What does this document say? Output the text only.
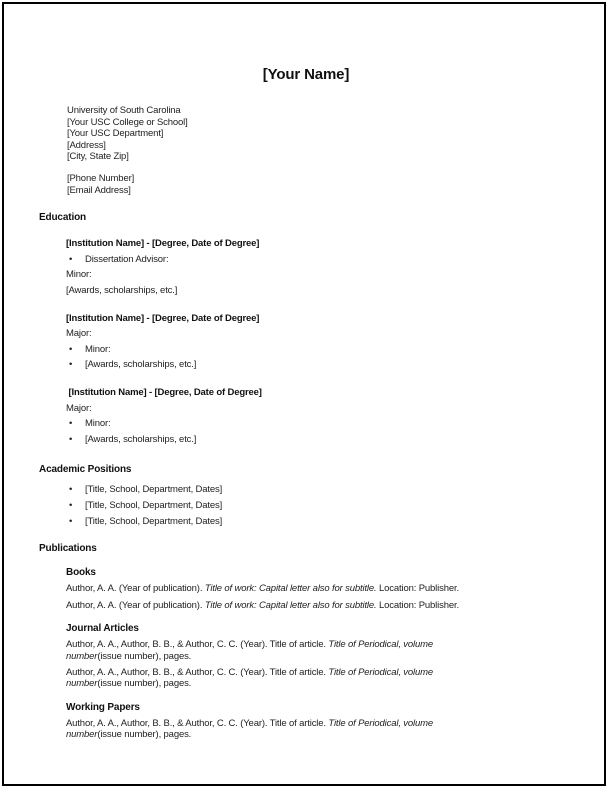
[Your Name]
University of South Carolina
[Your USC College or School]
[Your USC Department]
[Address]
[City, State Zip]
[Phone Number]
[Email Address]
Education
[Institution Name] - [Degree, Date of Degree]
•	Dissertation Advisor:
Minor:
[Awards, scholarships, etc.]
[Institution Name] - [Degree, Date of Degree]
Major:
•	Minor:
•	[Awards, scholarships, etc.]
[Institution Name] - [Degree, Date of Degree]
Major:
•	Minor:
•	[Awards, scholarships, etc.]
Academic Positions
•	[Title, School, Department, Dates]
•	[Title, School, Department, Dates]
•	[Title, School, Department, Dates]
Publications
Books
Author, A. A. (Year of publication). Title of work: Capital letter also for subtitle. Location: Publisher.
Author, A. A. (Year of publication). Title of work: Capital letter also for subtitle. Location: Publisher.
Journal Articles
Author, A. A., Author, B. B., & Author, C. C. (Year). Title of article. Title of Periodical, volume
number(issue number), pages.
Author, A. A., Author, B. B., & Author, C. C. (Year). Title of article. Title of Periodical, volume
number(issue number), pages.
Working Papers
Author, A. A., Author, B. B., & Author, C. C. (Year). Title of article. Title of Periodical, volume
number(issue number), pages.
